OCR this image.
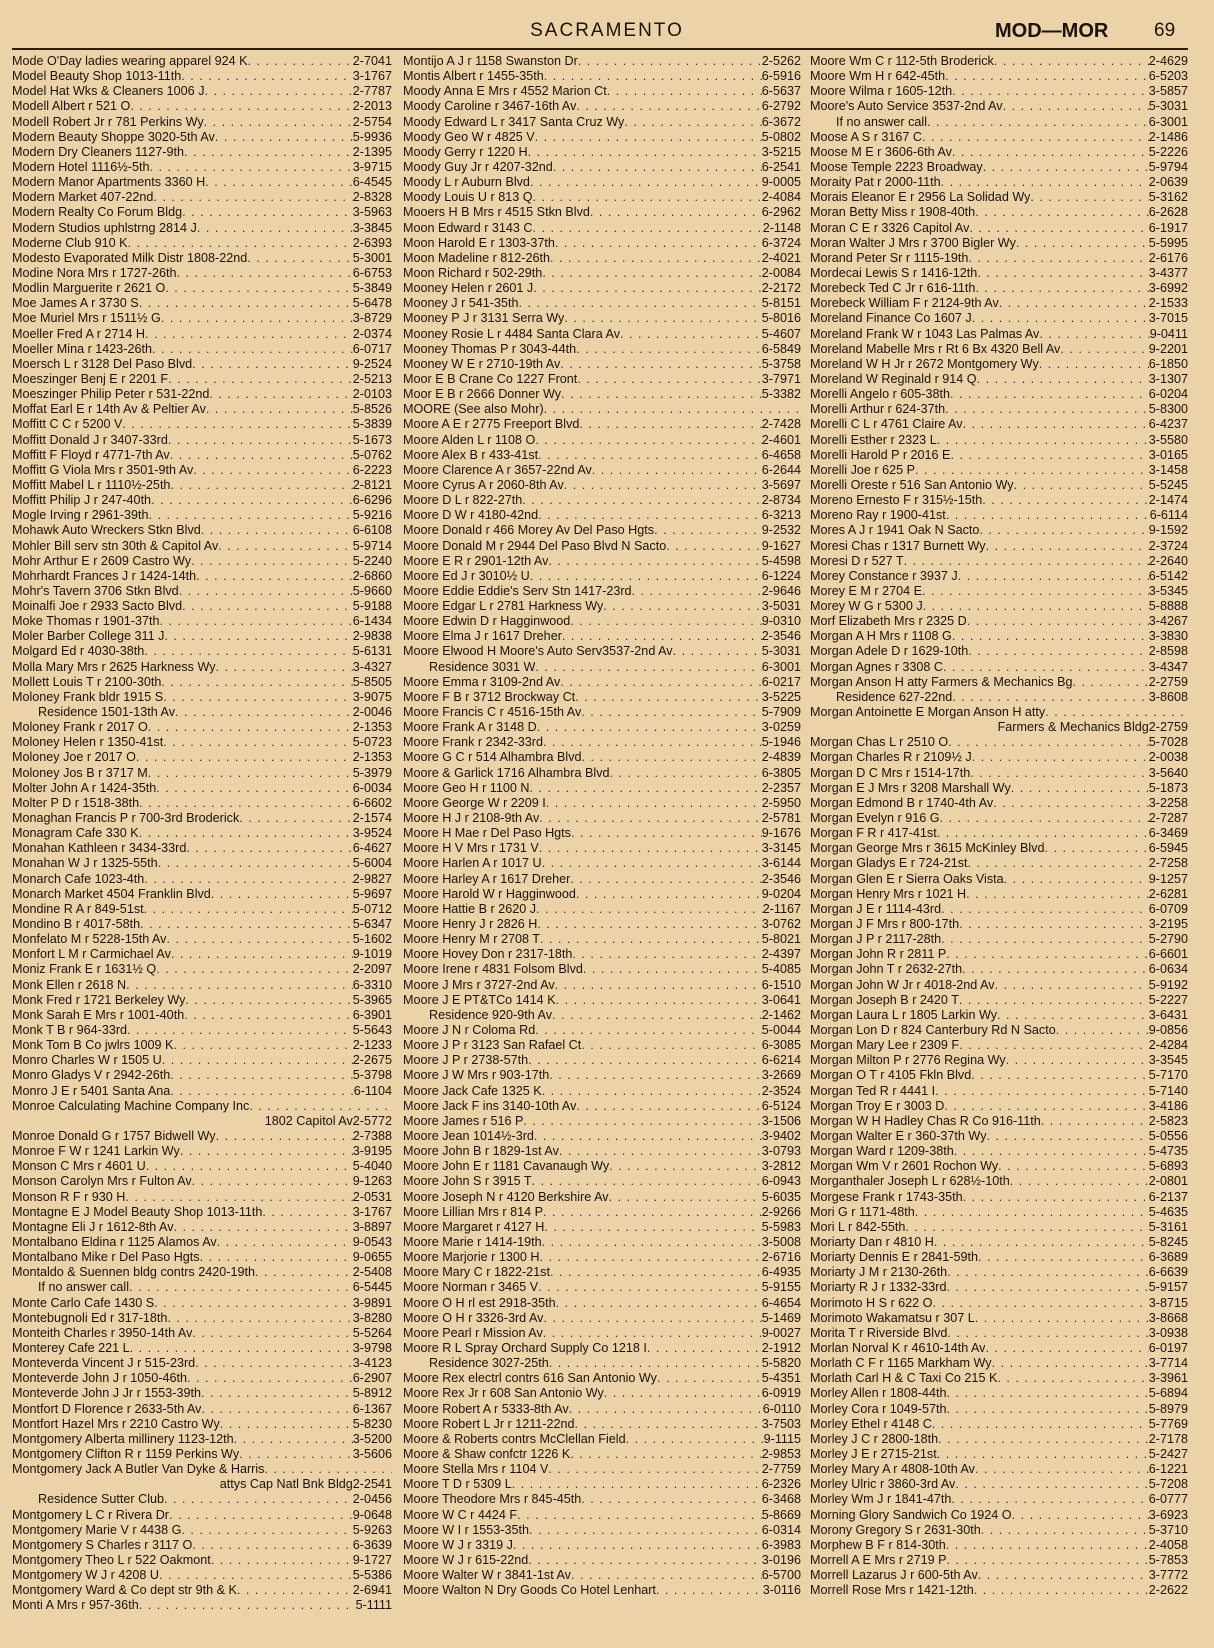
SACRAMENTO	MOD—MOR 69
Mode O'Day ladies wearing apparel 924 K . . .	2-7041
Model Beauty Shop 1013-11th . . .	3-1767
Model Hat Wks & Cleaners 1006 J . . .	2-7787
Modell Albert r 521 O . . .	2-2013
Modell Robert Jr r 781 Perkins Wy . . .	2-5754
Modern Beauty Shoppe 3020-5th Av . . .	5-9936
Modern Dry Cleaners 1127-9th . . .	2-1395
Modern Hotel 1116½-5th . . .	3-9715
Modern Manor Apartments 3360 H . . .	6-4545
Modern Market 407-22nd . . .	2-8328
Modern Realty Co Forum Bldg . . .	3-5963
Modern Studios uphlstrng 2814 J . . .	3-3845
Moderne Club 910 K . . .	2-6393
Modesto Evaporated Milk Distr 1808-22nd . . .	5-3001
Modine Nora Mrs r 1727-26th . . .	6-6753
Modlin Marguerite r 2621 O . . .	5-3849
Moe James A r 3730 S . . .	5-6478
Moe Muriel Mrs r 1511½ G . . .	3-8729
Moeller Fred A r 2714 H . . .	2-0374
Moeller Mina r 1423-26th . . .	6-0717
Moersch L r 3128 Del Paso Blvd . . .	9-2524
Moeszinger Benj E r 2201 F . . .	2-5213
Moeszinger Philip Peter r 531-22nd . . .	2-0103
Moffat Earl E r 14th Av & Peltier Av . . .	5-8526
Moffitt C C r 5200 V . . .	5-3839
Moffitt Donald J r 3407-33rd . . .	5-1673
Moffitt F Floyd r 4771-7th Av . . .	5-0762
Moffitt G Viola Mrs r 3501-9th Av . . .	6-2223
Moffitt Mabel L r 1110½-25th . . .	2-8121
Moffitt Philip J r 247-40th . . .	6-6296
Mogle Irving r 2961-39th . . .	5-9216
Mohawk Auto Wreckers Stkn Blvd . . .	6-6108
Mohler Bill serv stn 30th & Capitol Av . . .	5-9714
Mohr Arthur E r 2609 Castro Wy . . .	5-2240
Mohrhardt Frances J r 1424-14th . . .	2-6860
Mohr's Tavern 3706 Stkn Blvd . . .	5-9660
Moinalfi Joe r 2933 Sacto Blvd . . .	5-9188
Moke Thomas r 1901-37th . . .	6-1434
Moler Barber College 311 J . . .	2-9838
Molgard Ed r 4030-38th . . .	5-6131
Molla Mary Mrs r 2625 Harkness Wy . . .	3-4327
Mollett Louis T r 2100-30th . . .	5-8505
Moloney Frank bldr 1915 S . . .	3-9075
Residence 1501-13th Av . . .	2-0046
Moloney Frank r 2017 O . . .	2-1353
Moloney Helen r 1350-41st . . .	5-0723
Moloney Joe r 2017 O . . .	2-1353
Moloney Jos B r 3717 M . . .	5-3979
Molter John A r 1424-35th . . .	6-0034
Molter P D r 1518-38th . . .	6-6602
Monaghan Francis P r 700-3rd Broderick . . .	2-1574
Monagram Cafe 330 K . . .	3-9524
Monahan Kathleen r 3434-33rd . . .	6-4627
Monahan W J r 1325-55th . . .	5-6004
Monarch Cafe 1023-4th . . .	2-9827
Monarch Market 4504 Franklin Blvd . . .	5-9697
Mondine R A r 849-51st . . .	5-0712
Mondino B r 4017-58th . . .	5-6347
Monfelato M r 5228-15th Av . . .	5-1602
Monfort L M r Carmichael Av . . .	9-1019
Moniz Frank E r 1631½ Q . . .	2-2097
Monk Ellen r 2618 N . . .	6-3310
Monk Fred r 1721 Berkeley Wy . . .	5-3965
Monk Sarah E Mrs r 1001-40th . . .	6-3901
Monk T B r 964-33rd . . .	5-5643
Monk Tom B Co jwlrs 1009 K . . .	2-1233
Monro Charles W r 1505 U . . .	2-2675
Monro Gladys V r 2942-26th . . .	5-3798
Monro J E r 5401 Santa Ana . . .	6-1104
Monroe Calculating Machine Company Inc
. . .
1802 Capitol Av 2-5772
Monroe Donald G r 1757 Bidwell Wy . . .	2-7388
Monroe F W r 1241 Larkin Wy . . .	3-9195
Monson C Mrs r 4601 U . . .	5-4040
Monson Carolyn Mrs r Fulton Av . . .	9-1263
Monson R F r 930 H . . .	2-0531
Montagne E J Model Beauty Shop 1013-11th . . .	3-1767
Montagne Eli J r 1612-8th Av . . .	3-8897
Montalbano Eldina r 1125 Alamos Av . . .	9-0543
Montalbano Mike r Del Paso Hgts . . .	9-0655
Montaldo & Suennen bldg contrs 2420-19th . . .	2-5408
If no answer call . . .	6-5445
Monte Carlo Cafe 1430 S . . .	3-9891
Montebugnoli Ed r 317-18th . . .	3-8280
Monteith Charles r 3950-14th Av . . .	5-5264
Monterey Cafe 221 L . . .	3-9798
Monteverda Vincent J r 515-23rd . . .	3-4123
Monteverde John J r 1050-46th . . .	6-2907
Monteverde John J Jr r 1553-39th . . .	5-8912
Montfort D Florence r 2633-5th Av . . .	6-1367
Montfort Hazel Mrs r 2210 Castro Wy . . .	5-8230
Montgomery Alberta millinery 1123-12th . . .	3-5200
Montgomery Clifton R r 1159 Perkins Wy . . .	3-5606
Montgomery Jack A Butler Van Dyke & Harris
. . .
attys Cap Natl Bnk Bldg 2-2541
Residence Sutter Club . . .	2-0456
Montgomery L C r Rivera Dr . . .	9-0648
Montgomery Marie V r 4438 G . . .	5-9263
Montgomery S Charles r 3117 O . . .	6-3639
Montgomery Theo L r 522 Oakmont . . .	9-1727
Montgomery W J r 4208 U . . .	5-5386
Montgomery Ward & Co dept str 9th & K . . .	2-6941
Monti A Mrs r 957-36th . . .	5-1111
Montijo A J r 1158 Swanston Dr . . .	2-5262
Montis Albert r 1455-35th . . .	6-5916
Moody Anna E Mrs r 4552 Marion Ct . . .	6-5637
Moody Caroline r 3467-16th Av . . .	6-2792
Moody Edward L r 3417 Santa Cruz Wy . . .	6-3672
Moody Geo W r 4825 V . . .	5-0802
Moody Gerry r 1220 H . . .	3-5215
Moody Guy Jr r 4207-32nd . . .	6-2541
Moody L r Auburn Blvd . . .	9-0005
Moody Louis U r 813 Q . . .	2-4084
Mooers H B Mrs r 4515 Stkn Blvd . . .	6-2962
Moon Edward r 3143 C . . .	2-1148
Moon Harold E r 1303-37th . . .	6-3724
Moon Madeline r 812-26th . . .	2-4021
Moon Richard r 502-29th . . .	2-0084
Mooney Helen r 2601 J . . .	2-2172
Mooney J r 541-35th . . .	5-8151
Mooney P J r 3131 Serra Wy . . .	5-8016
Mooney Rosie L r 4484 Santa Clara Av . . .	5-4607
Mooney Thomas P r 3043-44th . . .	6-5849
Mooney W E r 2710-19th Av . . .	5-3758
Moor E B Crane Co 1227 Front . . .	3-7971
Moor E B r 2666 Donner Wy . . .	5-3382
MOORE (See also Mohr)
. . .
Moore A E r 2775 Freeport Blvd . . .	2-7428
Moore Alden L r 1108 O . . .	2-4601
Moore Alex B r 433-41st . . .	6-4658
Moore Clarence A r 3657-22nd Av . . .	6-2644
Moore Cyrus A r 2060-8th Av . . .	3-5697
Moore D L r 822-27th . . .	2-8734
Moore D W r 4180-42nd . . .	6-3213
Moore Donald r 466 Morey Av Del Paso Hgts . . .	9-2532
Moore Donald M r 2944 Del Paso Blvd N Sacto . . .	9-1627
Moore E R r 2901-12th Av . . .	5-4598
Moore Ed J r 3010½ U . . .	6-1224
Moore Eddie Eddie's Serv Stn 1417-23rd . . .	2-9646
Moore Edgar L r 2781 Harkness Wy . . .	3-5031
Moore Edwin D r Hagginwood . . .	9-0310
Moore Elma J r 1617 Dreher . . .	2-3546
Moore Elwood H Moore's Auto Serv3537-2nd Av . . .	5-3031
Residence 3031 W . . .	6-3001
Moore Emma r 3109-2nd Av . . .	6-0217
Moore F B r 3712 Brockway Ct . . .	3-5225
Moore Francis C r 4516-15th Av . . .	5-7909
Moore Frank A r 3148 D . . .	3-0259
Moore Frank r 2342-33rd . . .	5-1946
Moore G C r 514 Alhambra Blvd . . .	2-4839
Moore & Garlick 1716 Alhambra Blvd . . .	6-3805
Moore Geo H r 1100 N . . .	2-2357
Moore George W r 2209 I . . .	2-5950
Moore H J r 2108-9th Av . . .	2-5781
Moore H Mae r Del Paso Hgts . . .	9-1676
Moore H V Mrs r 1731 V . . .	3-3145
Moore Harlen A r 1017 U . . .	3-6144
Moore Harley A r 1617 Dreher . . .	2-3546
Moore Harold W r Hagginwood . . .	9-0204
Moore Hattie B r 2620 J . . .	2-1167
Moore Henry J r 2826 H . . .	3-0762
Moore Henry M r 2708 T . . .	5-8021
Moore Hovey Don r 2317-18th . . .	2-4397
Moore Irene r 4831 Folsom Blvd . . .	5-4085
Moore J Mrs r 3727-2nd Av . . .	6-1510
Moore J E PT&TCo 1414 K . . .	3-0641
Residence 920-9th Av . . .	2-1462
Moore J N r Coloma Rd . . .	5-0044
Moore J P r 3123 San Rafael Ct . . .	6-3085
Moore J P r 2738-57th . . .	6-6214
Moore J W Mrs r 903-17th . . .	3-2669
Moore Jack Cafe 1325 K . . .	2-3524
Moore Jack F ins 3140-10th Av . . .	6-5124
Moore James r 516 P . . .	3-1506
Moore Jean 1014½-3rd . . .	3-9402
Moore John B r 1829-1st Av . . .	3-0793
Moore John E r 1181 Cavanaugh Wy . . .	3-2812
Moore John S r 3915 T . . .	6-0943
Moore Joseph N r 4120 Berkshire Av . . .	5-6035
Moore Lillian Mrs r 814 P . . .	2-9266
Moore Margaret r 4127 H . . .	5-5983
Moore Marie r 1414-19th . . .	3-5008
Moore Marjorie r 1300 H . . .	2-6716
Moore Mary C r 1822-21st . . .	6-4935
Moore Norman r 3465 V . . .	5-9155
Moore O H rl est 2918-35th . . .	6-4654
Moore O H r 3326-3rd Av . . .	5-1469
Moore Pearl r Mission Av . . .	9-0027
Moore R L Spray Orchard Supply Co 1218 I . . .	2-1912
Residence 3027-25th . . .	5-5820
Moore Rex electrl contrs 616 San Antonio Wy . . .	5-4351
Moore Rex Jr r 608 San Antonio Wy . . .	6-0919
Moore Robert A r 5333-8th Av . . .	6-0110
Moore Robert L Jr r 1211-22nd . . .	3-7503
Moore & Roberts contrs McClellan Field . . .	9-1115
Moore & Shaw confctr 1226 K . . .	2-9853
Moore Stella Mrs r 1104 V . . .	2-7759
Moore T D r 5309 L . . .	6-2326
Moore Theodore Mrs r 845-45th . . .	6-3468
Moore W C r 4424 F . . .	5-8669
Moore W I r 1553-35th . . .	6-0314
Moore W J r 3319 J . . .	6-3983
Moore W J r 615-22nd . . .	3-0196
Moore Walter W r 3841-1st Av . . .	6-5700
Moore Walton N Dry Goods Co Hotel Lenhart . . .	3-0116
Moore Wm C r 112-5th Broderick . . .	2-4629
Moore Wm H r 642-45th . . .	6-5203
Moore Wilma r 1605-12th . . .	3-5857
Moore's Auto Service 3537-2nd Av . . .	5-3031
If no answer call . . .	6-3001
Moose A S r 3167 C . . .	2-1486
Moose M E r 3606-6th Av . . .	5-2226
Moose Temple 2223 Broadway . . .	5-9794
Moraity Pat r 2000-11th . . .	2-0639
Morais Eleanor E r 2956 La Solidad Wy . . .	5-3162
Moran Betty Miss r 1908-40th . . .	6-2628
Moran C E r 3326 Capitol Av . . .	6-1917
Moran Walter J Mrs r 3700 Bigler Wy . . .	5-5995
Morand Peter Sr r 1115-19th . . .	2-6176
Mordecai Lewis S r 1416-12th . . .	3-4377
Morebeck Ted C Jr r 616-11th . . .	3-6992
Morebeck William F r 2124-9th Av . . .	2-1533
Moreland Finance Co 1607 J . . .	3-7015
Moreland Frank W r 1043 Las Palmas Av . . .	9-0411
Moreland Mabelle Mrs r Rt 6 Bx 4320 Bell Av . . .	9-2201
Moreland W H Jr r 2672 Montgomery Wy . . .	6-1850
Moreland W Reginald r 914 Q . . .	3-1307
Morelli Angelo r 605-38th . . .	6-0204
Morelli Arthur r 624-37th . . .	5-8300
Morelli C L r 4761 Claire Av . . .	6-4237
Morelli Esther r 2323 L . . .	3-5580
Morelli Harold P r 2016 E . . .	3-0165
Morelli Joe r 625 P . . .	3-1458
Morelli Oreste r 516 San Antonio Wy . . .	5-5245
Moreno Ernesto F r 315½-15th . . .	2-1474
Moreno Ray r 1900-41st . . .	6-6114
Mores A J r 1941 Oak N Sacto . . .	9-1592
Moresi Chas r 1317 Burnett Wy . . .	2-3724
Moresi D r 527 T . . .	2-2640
Morey Constance r 3937 J . . .	6-5142
Morey E M r 2704 E . . .	3-5345
Morey W G r 5300 J . . .	5-8888
Morf Elizabeth Mrs r 2325 D . . .	3-4267
Morgan A H Mrs r 1108 G . . .	3-3830
Morgan Adele D r 1629-10th . . .	2-8598
Morgan Agnes r 3308 C . . .	3-4347
Morgan Anson H atty Farmers & Mechanics Bg . . .	2-2759
Residence 627-22nd . . .	3-8608
Morgan Antoinette E Morgan Anson H atty
. . .
Farmers & Mechanics Bldg 2-2759
Morgan Chas L r 2510 O . . .	5-7028
Morgan Charles R r 2109½ J . . .	2-0038
Morgan D C Mrs r 1514-17th . . .	3-5640
Morgan E J Mrs r 3208 Marshall Wy . . .	5-1873
Morgan Edmond B r 1740-4th Av . . .	3-2258
Morgan Evelyn r 916 G . . .	2-7287
Morgan F R r 417-41st . . .	6-3469
Morgan George Mrs r 3615 McKinley Blvd . . .	6-5945
Morgan Gladys E r 724-21st . . .	2-7258
Morgan Glen E r Sierra Oaks Vista . . .	9-1257
Morgan Henry Mrs r 1021 H . . .	2-6281
Morgan J E r 1114-43rd . . .	6-0709
Morgan J F Mrs r 800-17th . . .	3-2195
Morgan J P r 2117-28th . . .	5-2790
Morgan John R r 2811 P . . .	6-6601
Morgan John T r 2632-27th . . .	6-0634
Morgan John W Jr r 4018-2nd Av . . .	5-9192
Morgan Joseph B r 2420 T . . .	5-2227
Morgan Laura L r 1805 Larkin Wy . . .	3-6431
Morgan Lon D r 824 Canterbury Rd N Sacto . . .	9-0856
Morgan Mary Lee r 2309 F . . .	2-4284
Morgan Milton P r 2776 Regina Wy . . .	3-3545
Morgan O T r 4105 Fkln Blvd . . .	5-7170
Morgan Ted R r 4441 I . . .	5-7140
Morgan Troy E r 3003 D . . .	3-4186
Morgan W H Hadley Chas R Co 916-11th . . .	2-5823
Morgan Walter E r 360-37th Wy . . .	5-0556
Morgan Ward r 1209-38th . . .	5-4735
Morgan Wm V r 2601 Rochon Wy . . .	5-6893
Morganthaler Joseph L r 628½-10th . . .	2-0801
Morgese Frank r 1743-35th . . .	6-2137
Mori G r 1171-48th . . .	5-4635
Mori L r 842-55th . . .	5-3161
Moriarty Dan r 4810 H . . .	5-8245
Moriarty Dennis E r 2841-59th . . .	6-3689
Moriarty J M r 2130-26th . . .	6-6639
Moriarty R J r 1332-33rd . . .	5-9157
Morimoto H S r 622 O . . .	3-8715
Morimoto Wakamatsu r 307 L . . .	3-8668
Morita T r Riverside Blvd . . .	3-0938
Morlan Norval K r 4610-14th Av . . .	6-0197
Morlath C F r 1165 Markham Wy . . .	3-7714
Morlath Carl H & C Taxi Co 215 K . . .	3-3961
Morley Allen r 1808-44th . . .	5-6894
Morley Cora r 1049-57th . . .	5-8979
Morley Ethel r 4148 C . . .	5-7769
Morley J C r 2800-18th . . .	2-7178
Morley J E r 2715-21st . . .	5-2427
Morley Mary A r 4808-10th Av . . .	6-1221
Morley Ulric r 3860-3rd Av . . .	5-7208
Morley Wm J r 1841-47th . . .	6-0777
Morning Glory Sandwich Co 1924 O . . .	3-6923
Morony Gregory S r 2631-30th . . .	5-3710
Morphew B F r 814-30th . . .	2-4058
Morrell A E Mrs r 2719 P . . .	5-7853
Morrell Lazarus J r 600-5th Av . . .	3-7772
Morrell Rose Mrs r 1421-12th . . .	2-2622
